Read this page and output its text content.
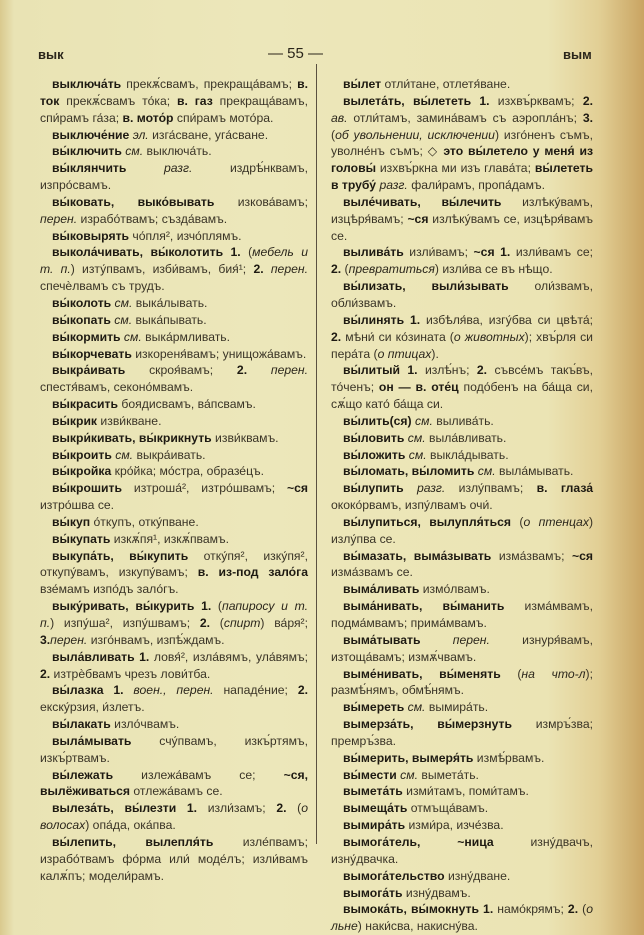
вык	— 55 —	вым

выключа́ть прекѫ́свамъ, прекраща́вамъ; в. ток прекѫ́свамъ то́ка; в. газ прекраща́вамъ, спи́рамъ га́за; в. мото́р спи́рамъ мото́ра.

выключе́ние эл. изга́сване, уга́сване.

вы́ключить см. выключа́ть.

вы́клянчить разг. издрѣ́нквамъ, изпро́свамъ.

вы́ковать, выко́вывать изкова́вамъ; перен. израбо́твамъ; създа́вамъ.

вы́ковырять чо́пля², изчо́плямъ.

выкола́чивать, вы́колотить 1. (мебель и т. п.) изту́пвамъ, изби́вамъ, бия́¹; 2. перен. спечѐлвамъ съ трудъ.

вы́колоть см. выка́лывать.

вы́копать см. выка́пывать.

вы́кормить см. выка́рмливать.

вы́корчевать изкореня́вамъ; унищожа́вамъ.

выкра́ивать скроя́вамъ; 2. перен. спестя́вамъ, секоно́мвамъ.

вы́красить боядисвамъ, ва́псвамъ.

вы́крик изви́кване.

выкри́кивать, вы́крикнуть изви́квамъ.

вы́кроить см. выкра́ивать.

вы́кройка кро́йка; мо́стра, образе́цъ.

вы́крошить изтроша́², изтро́швамъ; ~ся изтро́шва се.

вы́куп о́ткупъ, отку́пване.

вы́купать изкѫ́пя¹, изкѫ́пвамъ.

выкупа́ть, вы́купить отку́пя², изку́пя², откупу́вамъ, изкупу́вамъ; в. из-под зало́га взе́мамъ изпо́дъ зало́гъ.

выку́ривать, вы́курить 1. (папиросу и т. п.) изпу́ша², изпу́швамъ; 2. (спирт) ва́ря²; 3.перен. изго́нвамъ, изпѣ́ждамъ.

выла́вливать 1. ловя́², изла́вямъ, ула́вямъ; 2. изтрѐбвамъ чрезъ лови́тба.

вы́лазка 1. воен., перен. нападе́ние; 2. екску́рзия, и́злетъ.

вы́лакать изло́чвамъ.

выла́мывать счу́пвамъ, изкъ́ртямъ, изкъ́ртвамъ.

вы́лежать излежа́вамъ се; ~ся, вылёживаться отлежа́вамъ се.

вылеза́ть, вы́лезти 1. изли́замъ; 2. (о волосах) опа́да, ока́пва.

вы́лепить, вылепля́ть изле́пвамъ; израбо́твамъ фо́рма или́ моде́лъ; изли́вамъ калѫ́пъ; модели́рамъ.

вы́лет отли́тане, отлетя́ване.

вылета́ть, вы́лететь 1. изхвъ́рквамъ; 2. ав. отли́тамъ, замина́вамъ съ аэропла́нъ; 3. (об увольнении, исключении) изго́ненъ съмъ, уволне́нъ съмъ; ◇ это вы́летело у меня́ из головы́ изхвъ́ркна ми изъ глава́та; вы́лететь в трубу́ разг. фали́рамъ, пропа́дамъ.

выле́чивать, вы́лечить излѣку́вамъ, изцѣря́вамъ; ~ся излѣку́вамъ се, изцѣря́вамъ се.

вылива́ть изли́вамъ; ~ся 1. изли́вамъ се; 2. (превратиться) изли́ва се въ нѣщо.

вы́лизать, выли́зывать оли́звамъ, обли́звамъ.

вы́линять 1. избѣля́ва, изгу́бва си цвѣта́; 2. мѣни́ си ко́зината (о животных); хвъ́рля си пера́та (о птицах).

вы́литый 1. излѣ́нъ; 2. съвсе́мъ такъ́въ, то́ченъ; он — в. оте́ц подо́бенъ на ба́ща си, сѫ́що като́ ба́ща си.

вы́лить(ся) см. вылива́ть.

вы́ловить см. выла́вливать.

вы́ложить см. выкла́дывать.

вы́ломать, вы́ломить см. выла́мывать.

вы́лупить разг. излу́пвамъ; в. глаза́ ококо́рвамъ, изпу́лвамъ очи́.

вы́лупиться, вылупля́ться (о птенцах) излу́пва се.

вы́мазать, выма́зывать изма́звамъ; ~ся изма́звамъ се.

выма́ливать измо́лвамъ.

выма́нивать, вы́манить изма́мвамъ, подма́мвамъ; прима́мвамъ.

выма́тывать перен. изнуря́вамъ, изтоща́вамъ; измѫ́чвамъ.

выме́нивать, вы́менять (на что-л); размѣ́нямъ, обмѣ́нямъ.

вы́мереть см. вымира́ть.

вымерза́ть, вы́мерзнуть измръ́зва; премръ́зва.

вы́мерить, вымеря́ть измѣ́рвамъ.

вы́мести см. вымета́ть.

вымета́ть изми́тамъ, поми́тамъ.

вымеща́ть отмъща́вамъ.

вымира́ть изми́ра, изче́зва.

вымога́тель, ~ница изну́двачъ, изну́двачка.

вымога́тельство изну́дване.

вымога́ть изну́двамъ.

вымока́ть, вы́мокнуть 1. намо́крямъ; 2. (о льне) наки́сва, накисну́ва.
